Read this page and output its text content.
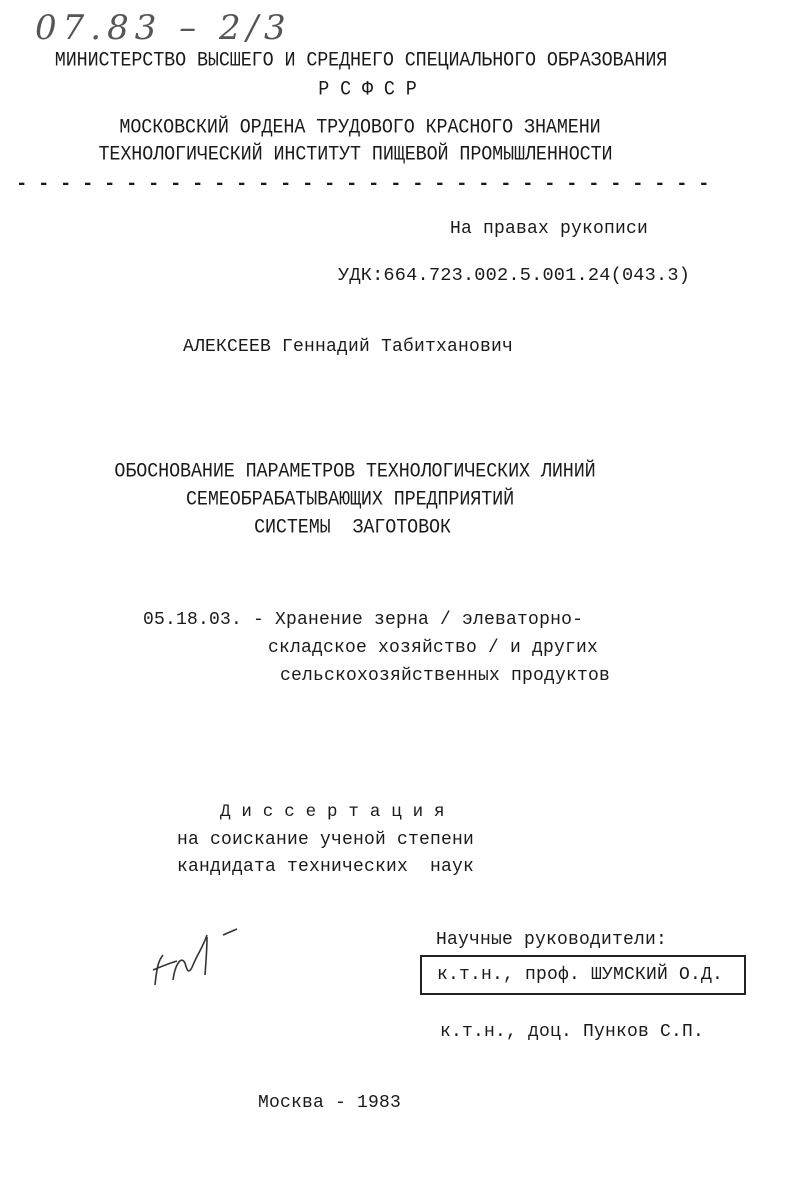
07.83 – 2/3
МИНИСТЕРСТВО ВЫСШЕГО И СРЕДНЕГО СПЕЦИАЛЬНОГО ОБРАЗОВАНИЯ
Р С Ф С Р
МОСКОВСКИЙ ОРДЕНА ТРУДОВОГО КРАСНОГО ЗНАМЕНИ
ТЕХНОЛОГИЧЕСКИЙ ИНСТИТУТ ПИЩЕВОЙ ПРОМЫШЛЕННОСТИ
- - - - - - - - - - - - - - - - - - - - - - - - - - - - - - - -
На правах рукописи
УДК:664.723.002.5.001.24(043.3)
АЛЕКСЕЕВ Геннадий Табитханович
ОБОСНОВАНИЕ ПАРАМЕТРОВ ТЕХНОЛОГИЧЕСКИХ ЛИНИЙ
СЕМЕОБРАБАТЫВАЮЩИХ ПРЕДПРИЯТИЙ
СИСТЕМЫ  ЗАГОТОВОК
05.18.03. - Хранение зерна / элеваторно-
складское хозяйство / и других
сельскохозяйственных продуктов
Д и с с е р т а ц и я
на соискание ученой степени
кандидата технических  наук
Научные руководители:
к.т.н., проф. ШУМСКИЙ О.Д.
к.т.н., доц. Пунков С.П.
Москва - 1983
